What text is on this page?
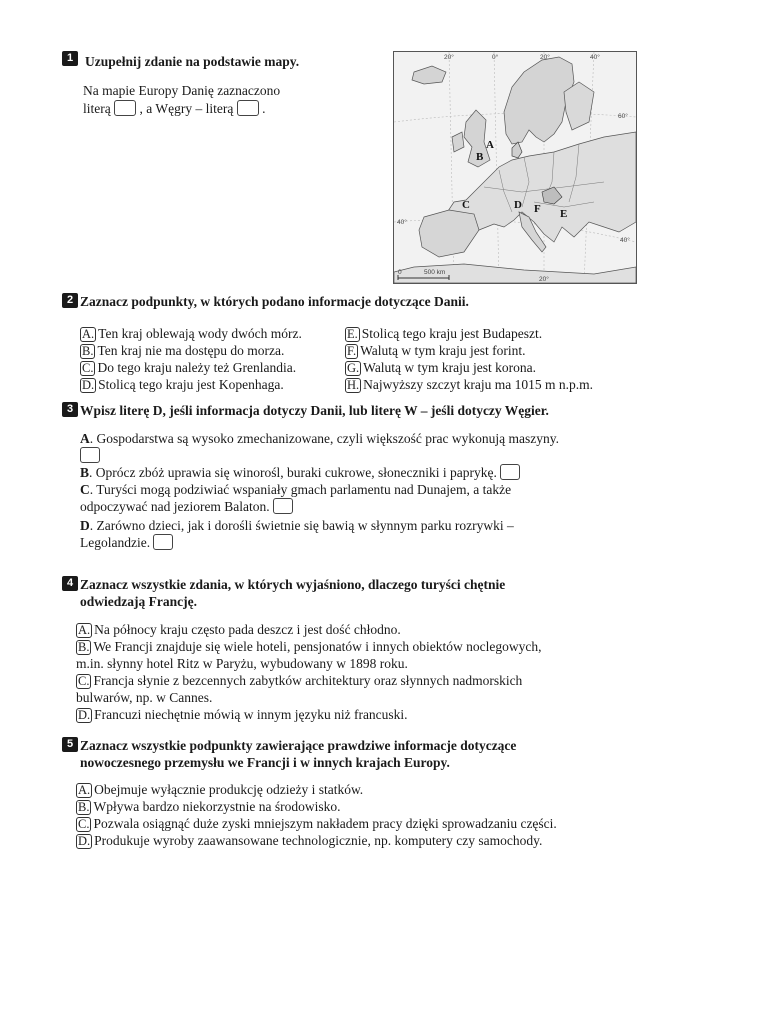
1 Uzupełnij zdanie na podstawie mapy.
Na mapie Europy Danię zaznaczono
literą , a Węgry – literą .
20°	0°	20°	40°
60°
40°
40°
20°
A
B
C	D F E
0	500 km
2 Zaznacz podpunkty, w których podano informacje dotyczące Danii.
A. Ten kraj oblewają wody dwóch mórz.
B. Ten kraj nie ma dostępu do morza.
C. Do tego kraju należy też Grenlandia.
D. Stolicą tego kraju jest Kopenhaga.
E. Stolicą tego kraju jest Budapeszt.
F. Walutą w tym kraju jest forint.
G. Walutą w tym kraju jest korona.
H. Najwyższy szczyt kraju ma 1015 m n.p.m.
3 Wpisz literę D, jeśli informacja dotyczy Danii, lub literę W – jeśli dotyczy Węgier.
A. Gospodarstwa są wysoko zmechanizowane, czyli większość prac wykonują maszyny.
B. Oprócz zbóż uprawia się winorośl, buraki cukrowe, słoneczniki i paprykę.
C. Turyści mogą podziwiać wspaniały gmach parlamentu nad Dunajem, a także
odpoczywać nad jeziorem Balaton.
D. Zarówno dzieci, jak i dorośli świetnie się bawią w słynnym parku rozrywki –
Legolandzie.
4 Zaznacz wszystkie zdania, w których wyjaśniono, dlaczego turyści chętnie
odwiedzają Francję.
A. Na północy kraju często pada deszcz i jest dość chłodno.
B. We Francji znajduje się wiele hoteli, pensjonatów i innych obiektów noclegowych,
m.in. słynny hotel Ritz w Paryżu, wybudowany w 1898 roku.
C. Francja słynie z bezcennych zabytków architektury oraz słynnych nadmorskich
bulwarów, np. w Cannes.
D. Francuzi niechętnie mówią w innym języku niż francuski.
5 Zaznacz wszystkie podpunkty zawierające prawdziwe informacje dotyczące
nowoczesnego przemysłu we Francji i w innych krajach Europy.
A. Obejmuje wyłącznie produkcję odzieży i statków.
B. Wpływa bardzo niekorzystnie na środowisko.
C. Pozwala osiągnąć duże zyski mniejszym nakładem pracy dzięki sprowadzaniu części.
D. Produkuje wyroby zaawansowane technologicznie, np. komputery czy samochody.
